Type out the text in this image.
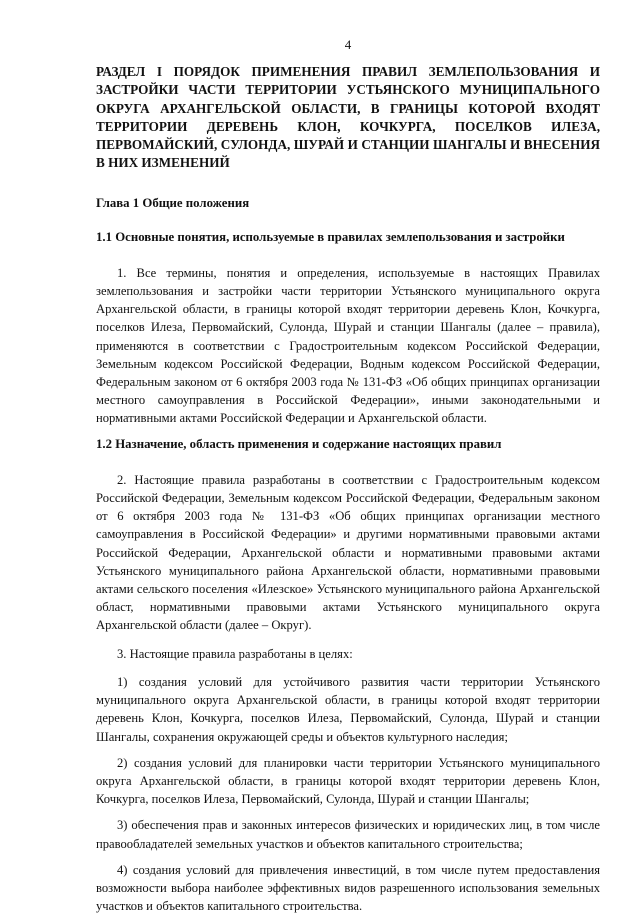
4
РАЗДЕЛ I ПОРЯДОК ПРИМЕНЕНИЯ ПРАВИЛ ЗЕМЛЕПОЛЬЗОВАНИЯ И ЗАСТРОЙКИ ЧАСТИ ТЕРРИТОРИИ УСТЬЯНСКОГО МУНИЦИПАЛЬНОГО ОКРУГА АРХАНГЕЛЬСКОЙ ОБЛАСТИ, В ГРАНИЦЫ КОТОРОЙ ВХОДЯТ ТЕРРИТОРИИ ДЕРЕВЕНЬ КЛОН, КОЧКУРГА, ПОСЕЛКОВ ИЛЕЗА, ПЕРВОМАЙСКИЙ, СУЛОНДА, ШУРАЙ И СТАНЦИИ ШАНГАЛЫ И ВНЕСЕНИЯ В НИХ ИЗМЕНЕНИЙ
Глава 1 Общие положения
1.1 Основные понятия, используемые в правилах землепользования и застройки

1. Все термины, понятия и определения, используемые в настоящих Правилах землепользования и застройки части территории Устьянского муниципального округа Архангельской области, в границы которой входят территории деревень Клон, Кочкурга, поселков Илеза, Первомайский, Сулонда, Шурай и станции Шангалы (далее – правила), применяются в соответствии с Градостроительным кодексом Российской Федерации, Земельным кодексом Российской Федерации, Водным кодексом Российской Федерации, Федеральным законом от 6 октября 2003 года № 131-ФЗ «Об общих принципах организации местного самоуправления в Российской Федерации», иными законодательными и нормативными актами Российской Федерации и Архангельской области.

1.2 Назначение, область применения и содержание настоящих правил

2. Настоящие правила разработаны в соответствии с Градостроительным кодексом Российской Федерации, Земельным кодексом Российской Федерации, Федеральным законом от 6 октября 2003 года № 131-ФЗ «Об общих принципах организации местного самоуправления в Российской Федерации» и другими нормативными правовыми актами Российской Федерации, Архангельской области и нормативными правовыми актами Устьянского муниципального района Архангельской области, нормативными правовыми актами сельского поселения «Илезское» Устьянского муниципального района Архангельской област, нормативными правовыми актами Устьянского муниципального округа Архангельской области (далее – Округ).

3. Настоящие правила разработаны в целях:

1) создания условий для устойчивого развития части территории Устьянского муниципального округа Архангельской области, в границы которой входят территории деревень Клон, Кочкурга, поселков Илеза, Первомайский, Сулонда, Шурай и станции Шангалы, сохранения окружающей среды и объектов культурного наследия;

2) создания условий для планировки части территории Устьянского муниципального округа Архангельской области, в границы которой входят территории деревень Клон, Кочкурга, поселков Илеза, Первомайский, Сулонда, Шурай и станции Шангалы;

3) обеспечения прав и законных интересов физических и юридических лиц, в том числе правообладателей земельных участков и объектов капитального строительства;

4) создания условий для привлечения инвестиций, в том числе путем предоставления возможности выбора наиболее эффективных видов разрешенного использования земельных участков и объектов капитального строительства.
